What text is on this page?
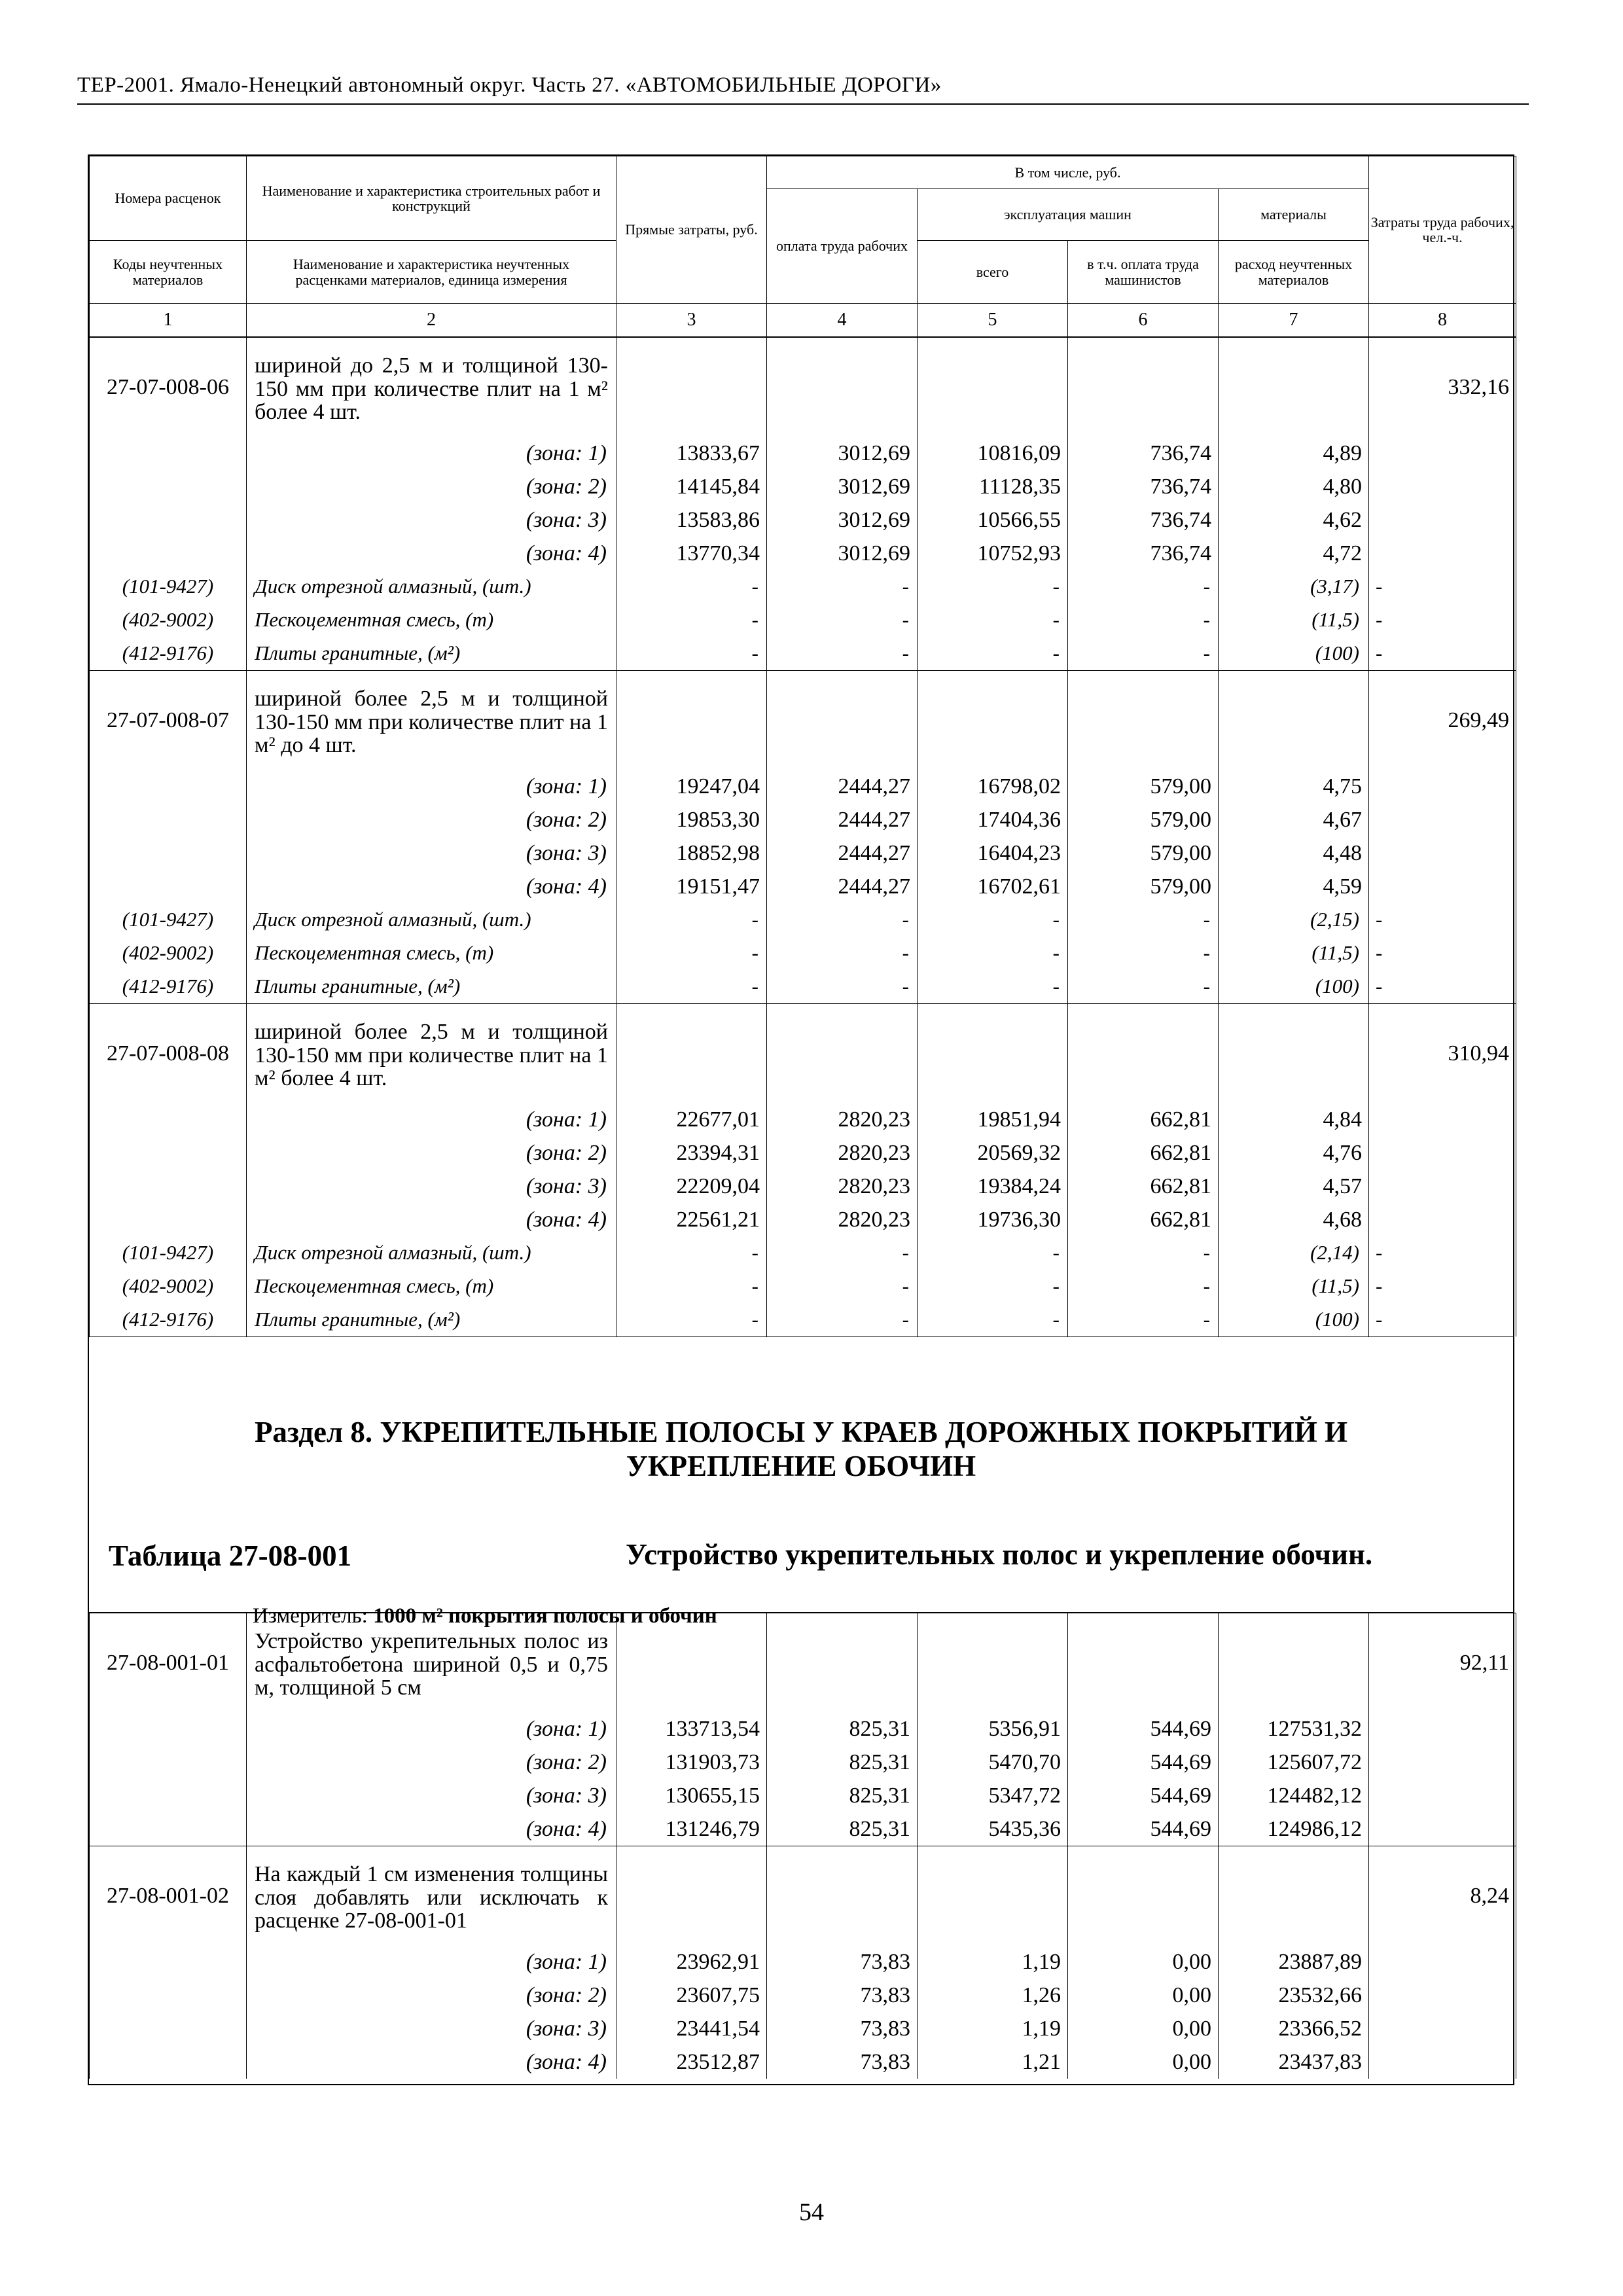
ТЕР-2001. Ямало-Ненецкий автономный округ. Часть 27. «АВТОМОБИЛЬНЫЕ ДОРОГИ»
Номера расценок	Наименование и характеристика строительных работ и конструкций	Прямые затраты, руб.	В том числе, руб.				Затраты труда рабочих, чел.-ч.
			оплата труда рабочих	эксплуатация машин		материалы	
Коды неучтенных материалов	Наименование и характеристика неучтенных расценками материалов, единица измерения			всего	в т.ч. оплата труда машинистов	расход неучтенных материалов	
1	2	3	4	5	6	7	8
27-07-008-06	шириной до 2,5 м и толщиной 130-150 мм при количестве плит на 1 м² более 4 шт.						332,16
	(зона: 1)	13833,67	3012,69	10816,09	736,74	4,89	
	(зона: 2)	14145,84	3012,69	11128,35	736,74	4,80	
	(зона: 3)	13583,86	3012,69	10566,55	736,74	4,62	
	(зона: 4)	13770,34	3012,69	10752,93	736,74	4,72	
(101-9427)	Диск отрезной алмазный, (шт.)	-	-	-	-	(3,17)	-
(402-9002)	Пескоцементная смесь, (т)	-	-	-	-	(11,5)	-
(412-9176)	Плиты гранитные, (м²)	-	-	-	-	(100)	-
27-07-008-07	шириной более 2,5 м и толщиной 130-150 мм при количестве плит на 1 м² до 4 шт.						269,49
	(зона: 1)	19247,04	2444,27	16798,02	579,00	4,75	
	(зона: 2)	19853,30	2444,27	17404,36	579,00	4,67	
	(зона: 3)	18852,98	2444,27	16404,23	579,00	4,48	
	(зона: 4)	19151,47	2444,27	16702,61	579,00	4,59	
(101-9427)	Диск отрезной алмазный, (шт.)	-	-	-	-	(2,15)	-
(402-9002)	Пескоцементная смесь, (т)	-	-	-	-	(11,5)	-
(412-9176)	Плиты гранитные, (м²)	-	-	-	-	(100)	-
27-07-008-08	шириной более 2,5 м и толщиной 130-150 мм при количестве плит на 1 м² более 4 шт.						310,94
	(зона: 1)	22677,01	2820,23	19851,94	662,81	4,84	
	(зона: 2)	23394,31	2820,23	20569,32	662,81	4,76	
	(зона: 3)	22209,04	2820,23	19384,24	662,81	4,57	
	(зона: 4)	22561,21	2820,23	19736,30	662,81	4,68	
(101-9427)	Диск отрезной алмазный, (шт.)	-	-	-	-	(2,14)	-
(402-9002)	Пескоцементная смесь, (т)	-	-	-	-	(11,5)	-
(412-9176)	Плиты гранитные, (м²)	-	-	-	-	(100)	-
Раздел 8. УКРЕПИТЕЛЬНЫЕ ПОЛОСЫ У КРАЕВ ДОРОЖНЫХ ПОКРЫТИЙ И
УКРЕПЛЕНИЕ ОБОЧИН
Таблица 27-08-001	Устройство укрепительных полос и укрепление обочин.
Измеритель: 1000 м² покрытия полосы и обочин
27-08-001-01	Устройство укрепительных полос из асфальтобетона шириной 0,5 и 0,75 м, толщиной 5 см						92,11
	(зона: 1)	133713,54	825,31	5356,91	544,69	127531,32	
	(зона: 2)	131903,73	825,31	5470,70	544,69	125607,72	
	(зона: 3)	130655,15	825,31	5347,72	544,69	124482,12	
	(зона: 4)	131246,79	825,31	5435,36	544,69	124986,12	
27-08-001-02	На каждый 1 см изменения толщины слоя добавлять или исключать к расценке 27-08-001-01						8,24
	(зона: 1)	23962,91	73,83	1,19	0,00	23887,89	
	(зона: 2)	23607,75	73,83	1,26	0,00	23532,66	
	(зона: 3)	23441,54	73,83	1,19	0,00	23366,52	
	(зона: 4)	23512,87	73,83	1,21	0,00	23437,83	
54
